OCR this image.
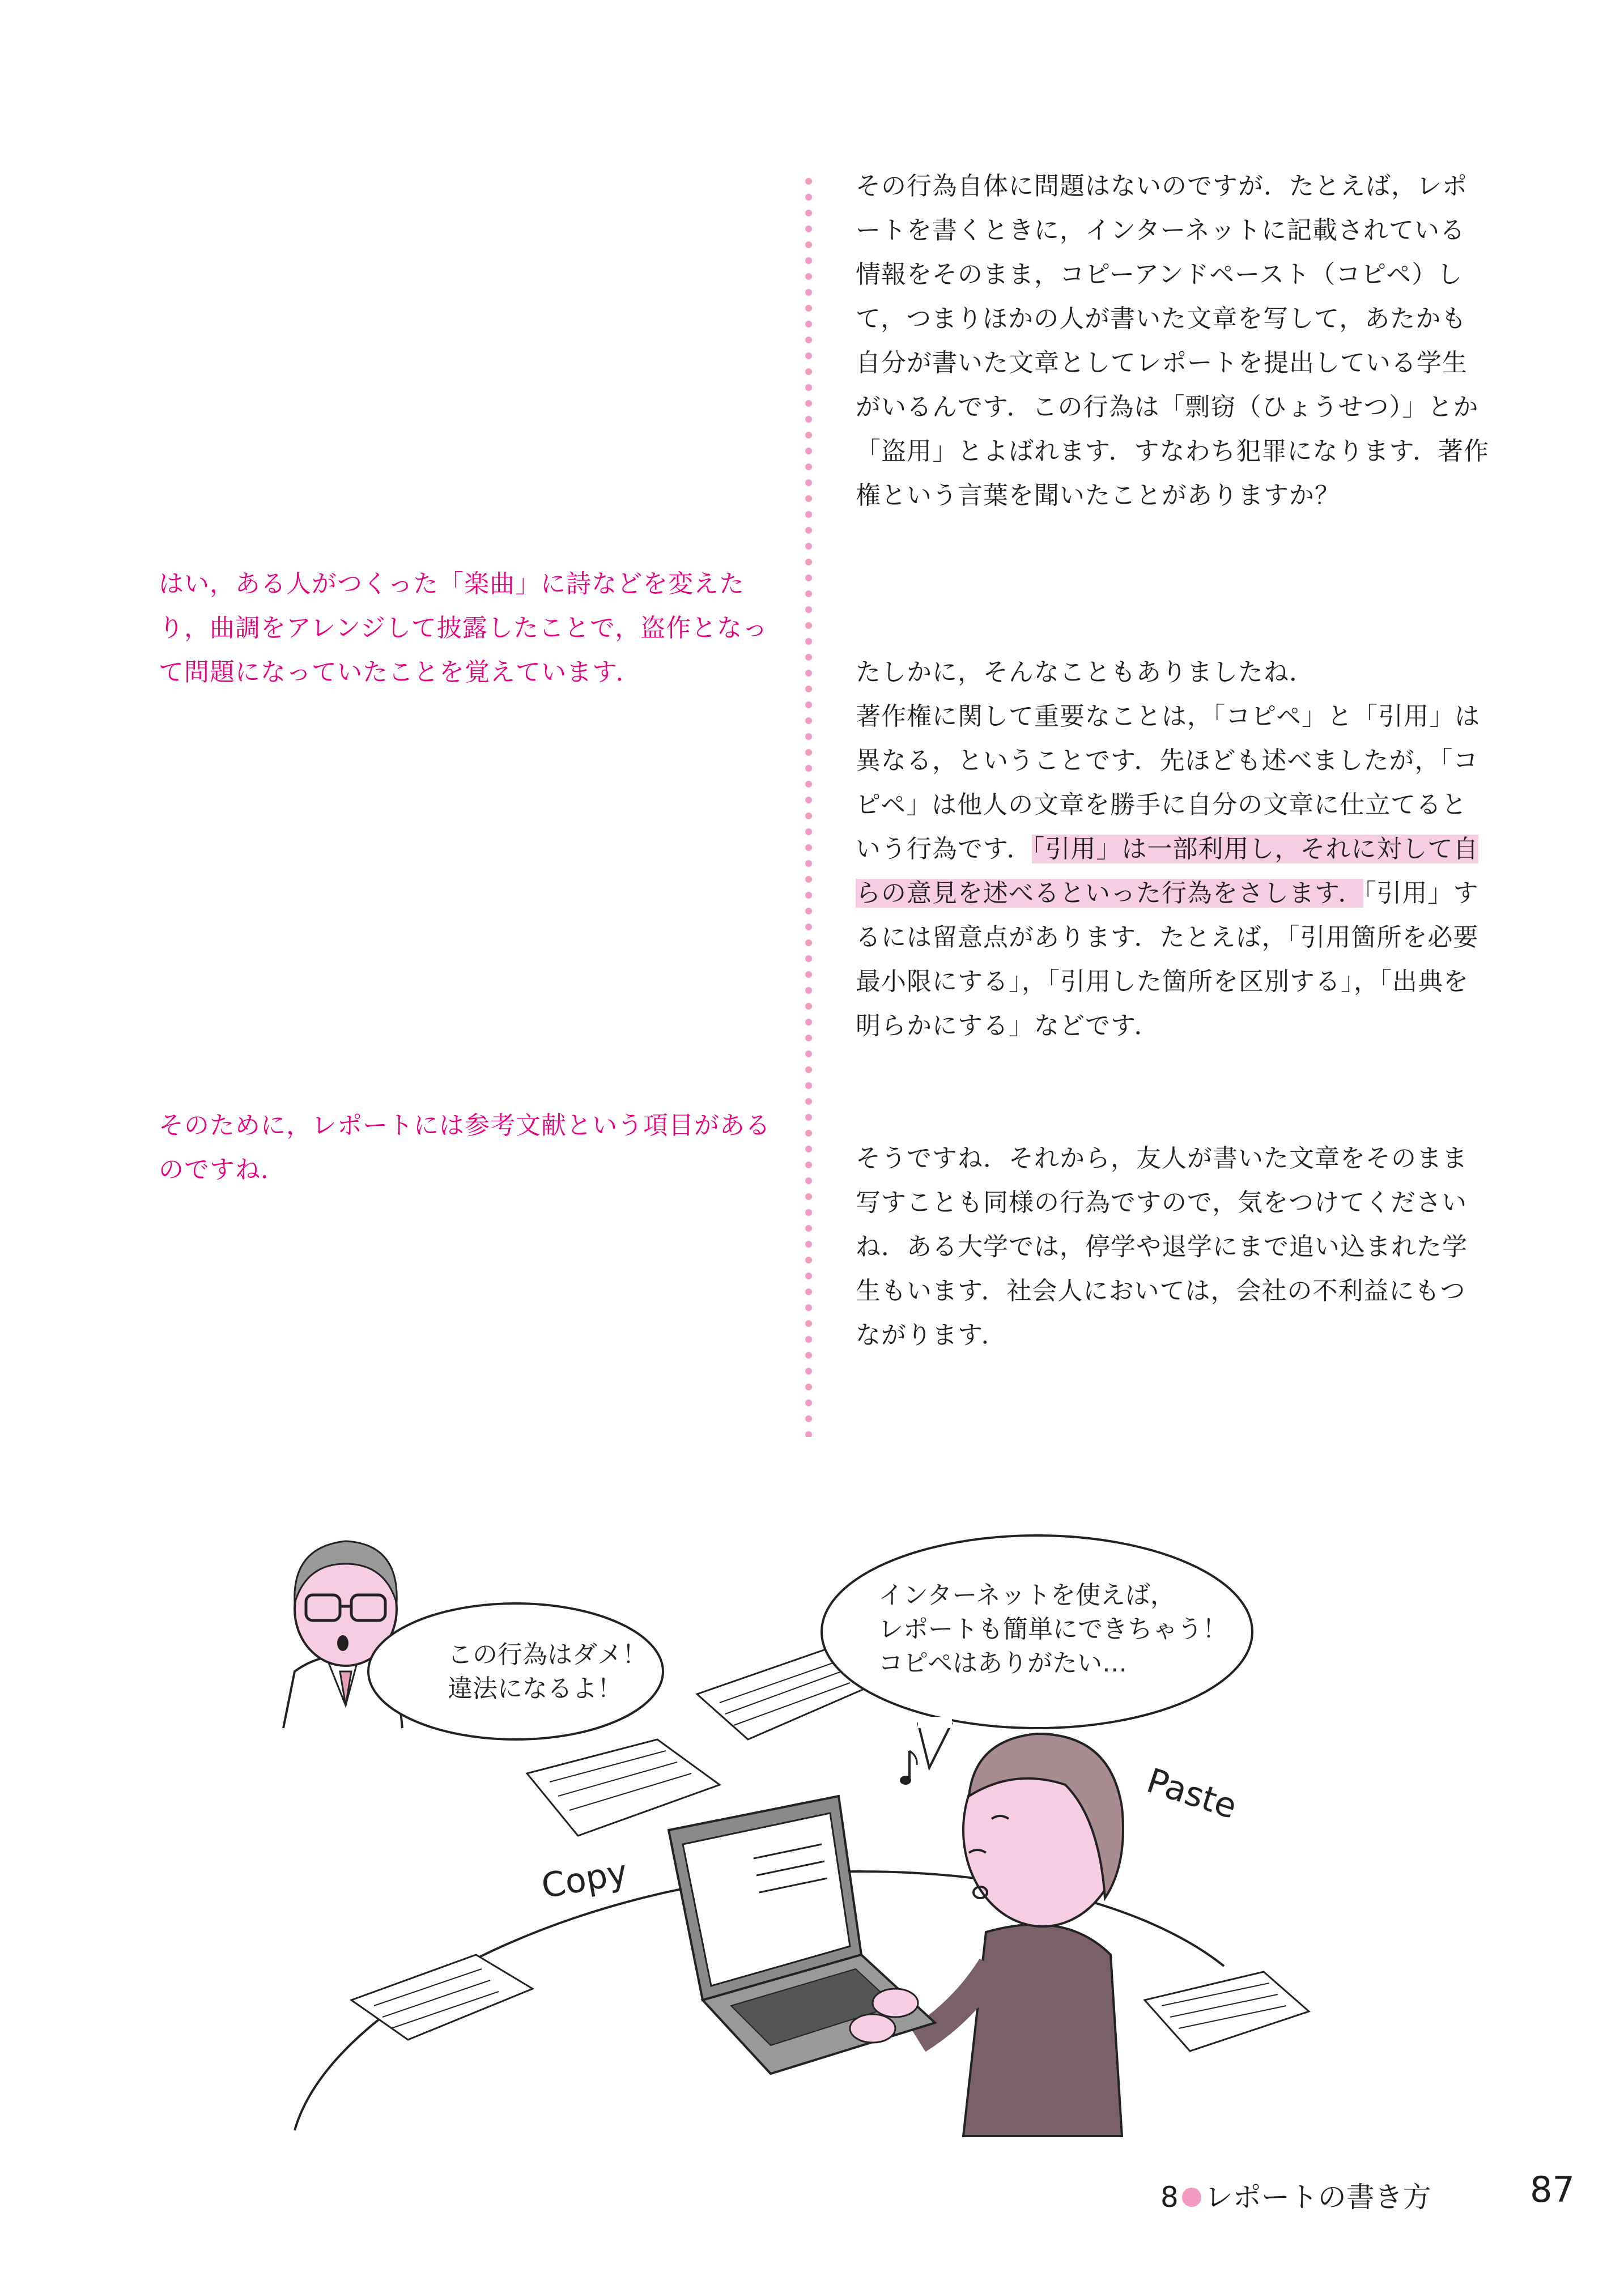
その行為自体に問題はないのですが．たとえば，レポートを書くときに，インターネットに記載されている情報をそのまま，コピーアンドペースト（コピペ）して，つまりほかの人が書いた文章を写して，あたかも自分が書いた文章としてレポートを提出している学生がいるんです．この行為は「剽窃（ひょうせつ）」とか「盗用」とよばれます．すなわち犯罪になります．著作権という言葉を聞いたことがありますか？

たしかに，そんなこともありましたね．
著作権に関して重要なことは，「コピペ」と「引用」は異なる，ということです．先ほども述べましたが，「コピペ」は他人の文章を勝手に自分の文章に仕立てるという行為です．「引用」は一部利用し，それに対して自らの意見を述べるといった行為をさします．「引用」するには留意点があります．たとえば，「引用箇所を必要最小限にする」，「引用した箇所を区別する」，「出典を明らかにする」などです．

そうですね．それから，友人が書いた文章をそのまま写すことも同様の行為ですので，気をつけてくださいね．ある大学では，停学や退学にまで追い込まれた学生もいます．社会人においては，会社の不利益にもつながります．

はい，ある人がつくった「楽曲」に詩などを変えたり，曲調をアレンジして披露したことで，盗作となって問題になっていたことを覚えています．

そのために，レポートには参考文献という項目があるのですね．

この行為はダメ！
違法になるよ！
Copy
Paste
インターネットを使えば，
レポートも簡単にできちゃう！
コピペはありがたい…
8 レポートの書き方	87
